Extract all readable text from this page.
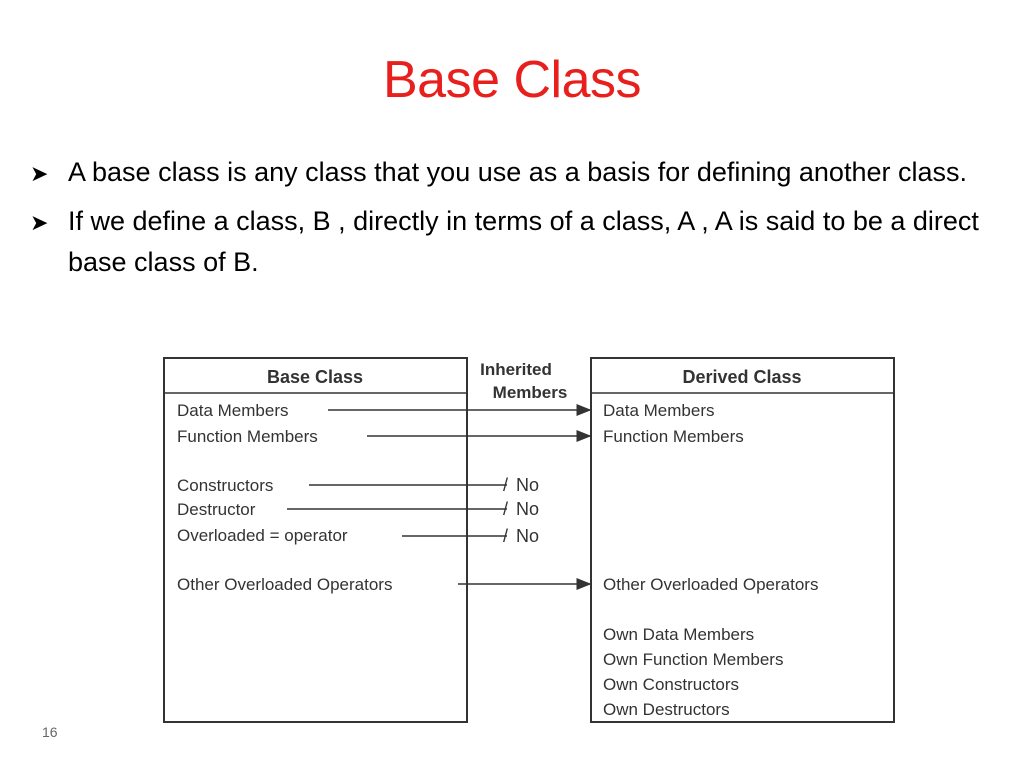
Base Class
➤ A base class is any class that you use as a basis for defining another class.
➤ If we define a class, B , directly in terms of a class, A , A is said to be a direct base class of B.
Base Class	Derived Class
Inherited
Members
Data Members
Function Members
Constructors
Destructor
Overloaded = operator
Other Overloaded Operators
/
/
/
No
No
No
Data Members
Function Members
Other Overloaded Operators
Own Data Members
Own Function Members
Own Constructors
Own Destructors
16
